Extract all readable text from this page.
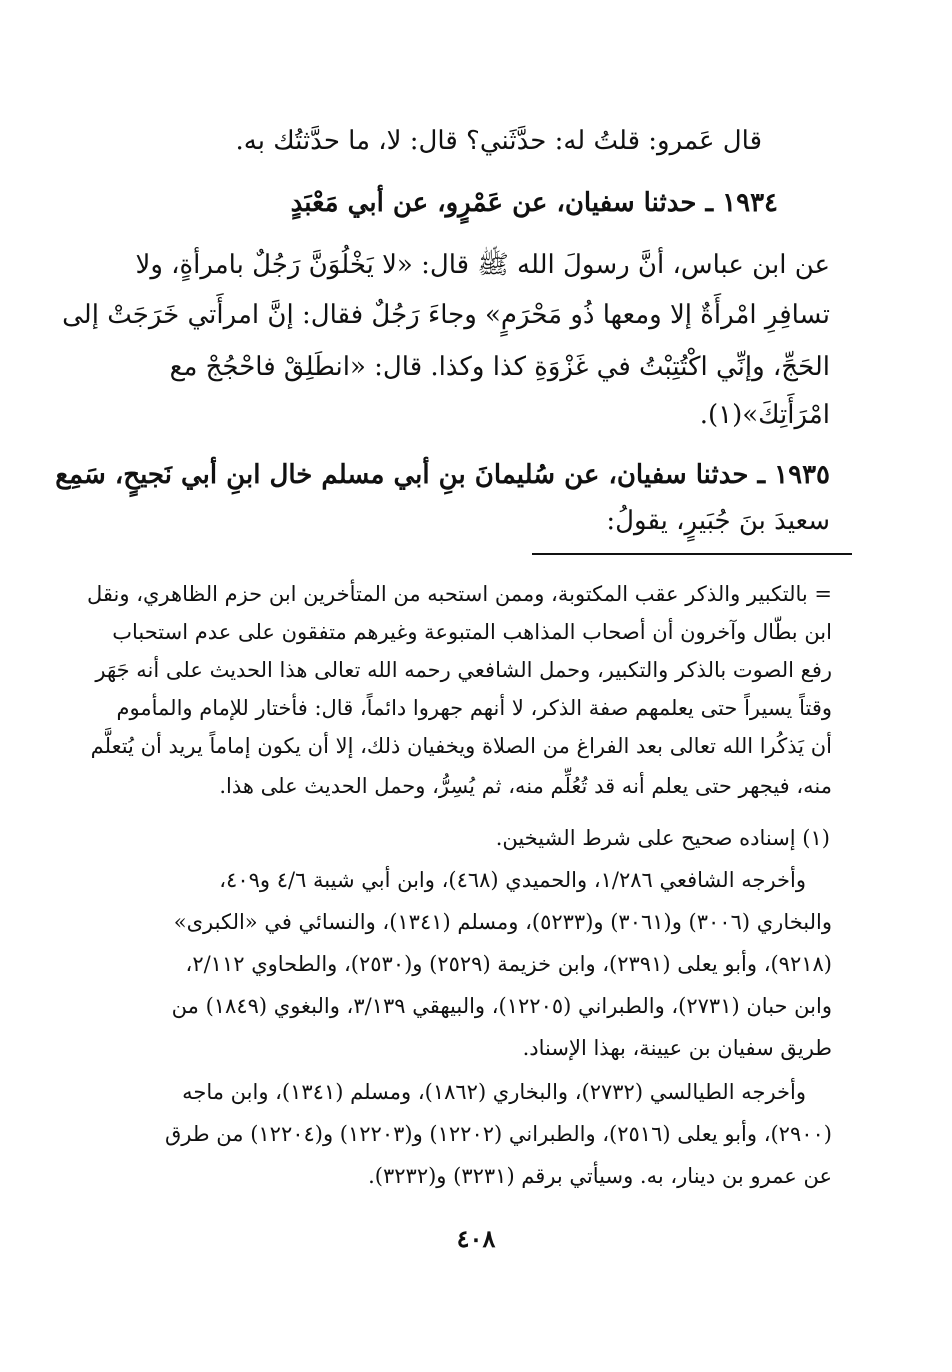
قال عَمرو: قلتُ له: حدَّثَني؟ قال: لا، ما حدَّثتُك به.
١٩٣٤ ـ حدثنا سفيان، عن عَمْرٍو، عن أبي مَعْبَدٍ
عن ابن عباس، أنَّ رسولَ الله ﷺ قال: «لا يَخْلُوَنَّ رَجُلٌ بامرأةٍ، ولا
تسافِرِ امْرأَةٌ إلا ومعها ذُو مَحْرَمٍ» وجاءَ رَجُلٌ فقال: إنَّ امرأَتي خَرَجَتْ إلى
الحَجِّ، وإنِّي اكْتُتِبْتُ في غَزْوَةِ كذا وكذا. قال: «انطَلِقْ فاحْجُجْ مع
امْرَأَتِكَ»(١).
١٩٣٥ ـ حدثنا سفيان، عن سُليمانَ بنِ أبي مسلم خال ابنِ أبي نَجيحٍ، سَمِع
سعيدَ بنَ جُبَيرٍ، يقولُ:
= بالتكبير والذكر عقب المكتوبة، وممن استحبه من المتأخرين ابن حزم الظاهري، ونقل
ابن بطّال وآخرون أن أصحاب المذاهب المتبوعة وغيرهم متفقون على عدم استحباب
رفع الصوت بالذكر والتكبير، وحمل الشافعي رحمه الله تعالى هذا الحديث على أنه جَهَر
وقتاً يسيراً حتى يعلمهم صفة الذكر، لا أنهم جهروا دائماً، قال: فأختار للإمام والمأموم
أن يَذكُرا الله تعالى بعد الفراغ من الصلاة ويخفيان ذلك، إلا أن يكون إماماً يريد أن يُتعلَّم
منه، فيجهر حتى يعلم أنه قد تُعُلِّم منه، ثم يُسِرُّ، وحمل الحديث على هذا.
(١) إسناده صحيح على شرط الشيخين.
وأخرجه الشافعي ١/٢٨٦، والحميدي (٤٦٨)، وابن أبي شيبة ٤/٦ و٤٠٩،
والبخاري (٣٠٠٦) و(٣٠٦١) و(٥٢٣٣)، ومسلم (١٣٤١)، والنسائي في «الكبرى»
(٩٢١٨)، وأبو يعلى (٢٣٩١)، وابن خزيمة (٢٥٢٩) و(٢٥٣٠)، والطحاوي ٢/١١٢،
وابن حبان (٢٧٣١)، والطبراني (١٢٢٠٥)، والبيهقي ٣/١٣٩، والبغوي (١٨٤٩) من
طريق سفيان بن عيينة، بهذا الإسناد.
وأخرجه الطيالسي (٢٧٣٢)، والبخاري (١٨٦٢)، ومسلم (١٣٤١)، وابن ماجه
(٢٩٠٠)، وأبو يعلى (٢٥١٦)، والطبراني (١٢٢٠٢) و(١٢٢٠٣) و(١٢٢٠٤) من طرق
عن عمرو بن دينار، به. وسيأتي برقم (٣٢٣١) و(٣٢٣٢).
٤٠٨
